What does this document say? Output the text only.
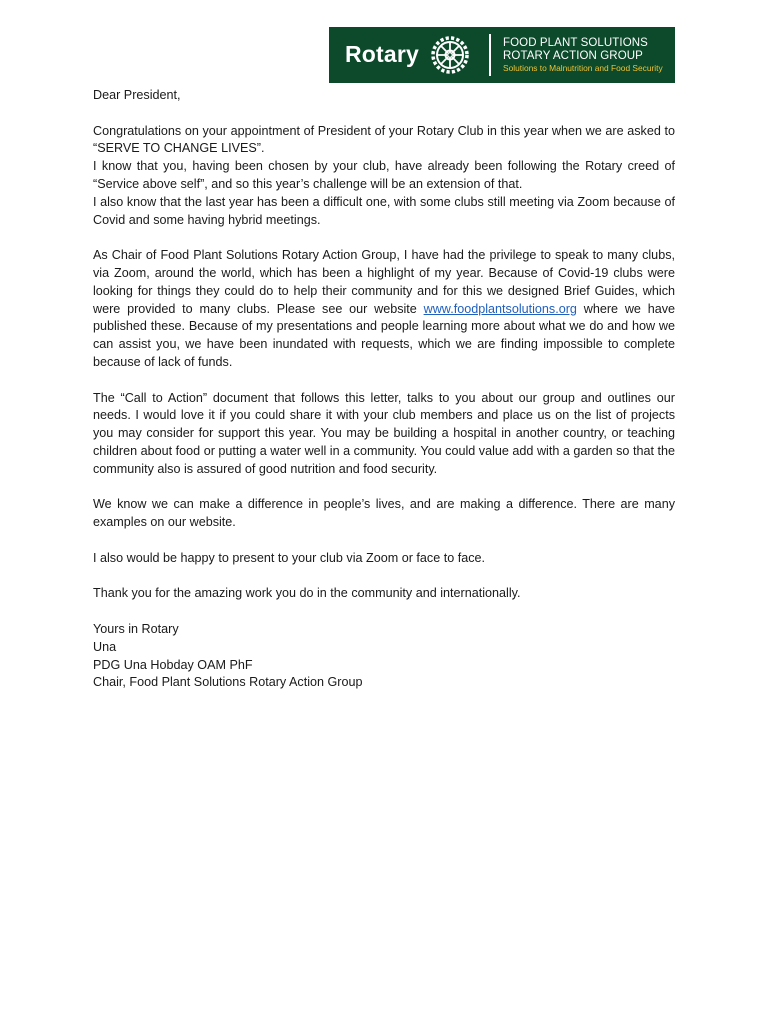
Rotary	FOOD PLANT SOLUTIONS
ROTARY ACTION GROUP
Solutions to Malnutrition and Food Security

Dear President,

Congratulations on your appointment of President of your Rotary Club in this year when we are asked to “SERVE TO CHANGE LIVES”.
I know that you, having been chosen by your club, have already been following the Rotary creed of “Service above self”, and so this year’s challenge will be an extension of that.
I also know that the last year has been a difficult one, with some clubs still meeting via Zoom because of Covid and some having hybrid meetings.

As Chair of Food Plant Solutions Rotary Action Group, I have had the privilege to speak to many clubs, via Zoom, around the world, which has been a highlight of my year. Because of Covid-19 clubs were looking for things they could do to help their community and for this we designed Brief Guides, which were provided to many clubs. Please see our website www.foodplantsolutions.org where we have published these. Because of my presentations and people learning more about what we do and how we can assist you, we have been inundated with requests, which we are finding impossible to complete because of lack of funds.

The “Call to Action” document that follows this letter, talks to you about our group and outlines our needs. I would love it if you could share it with your club members and place us on the list of projects you may consider for support this year. You may be building a hospital in another country, or teaching children about food or putting a water well in a community. You could value add with a garden so that the community also is assured of good nutrition and food security.

We know we can make a difference in people’s lives, and are making a difference. There are many examples on our website.

I also would be happy to present to your club via Zoom or face to face.

Thank you for the amazing work you do in the community and internationally.

Yours in Rotary
Una
PDG Una Hobday OAM PhF
Chair, Food Plant Solutions Rotary Action Group
